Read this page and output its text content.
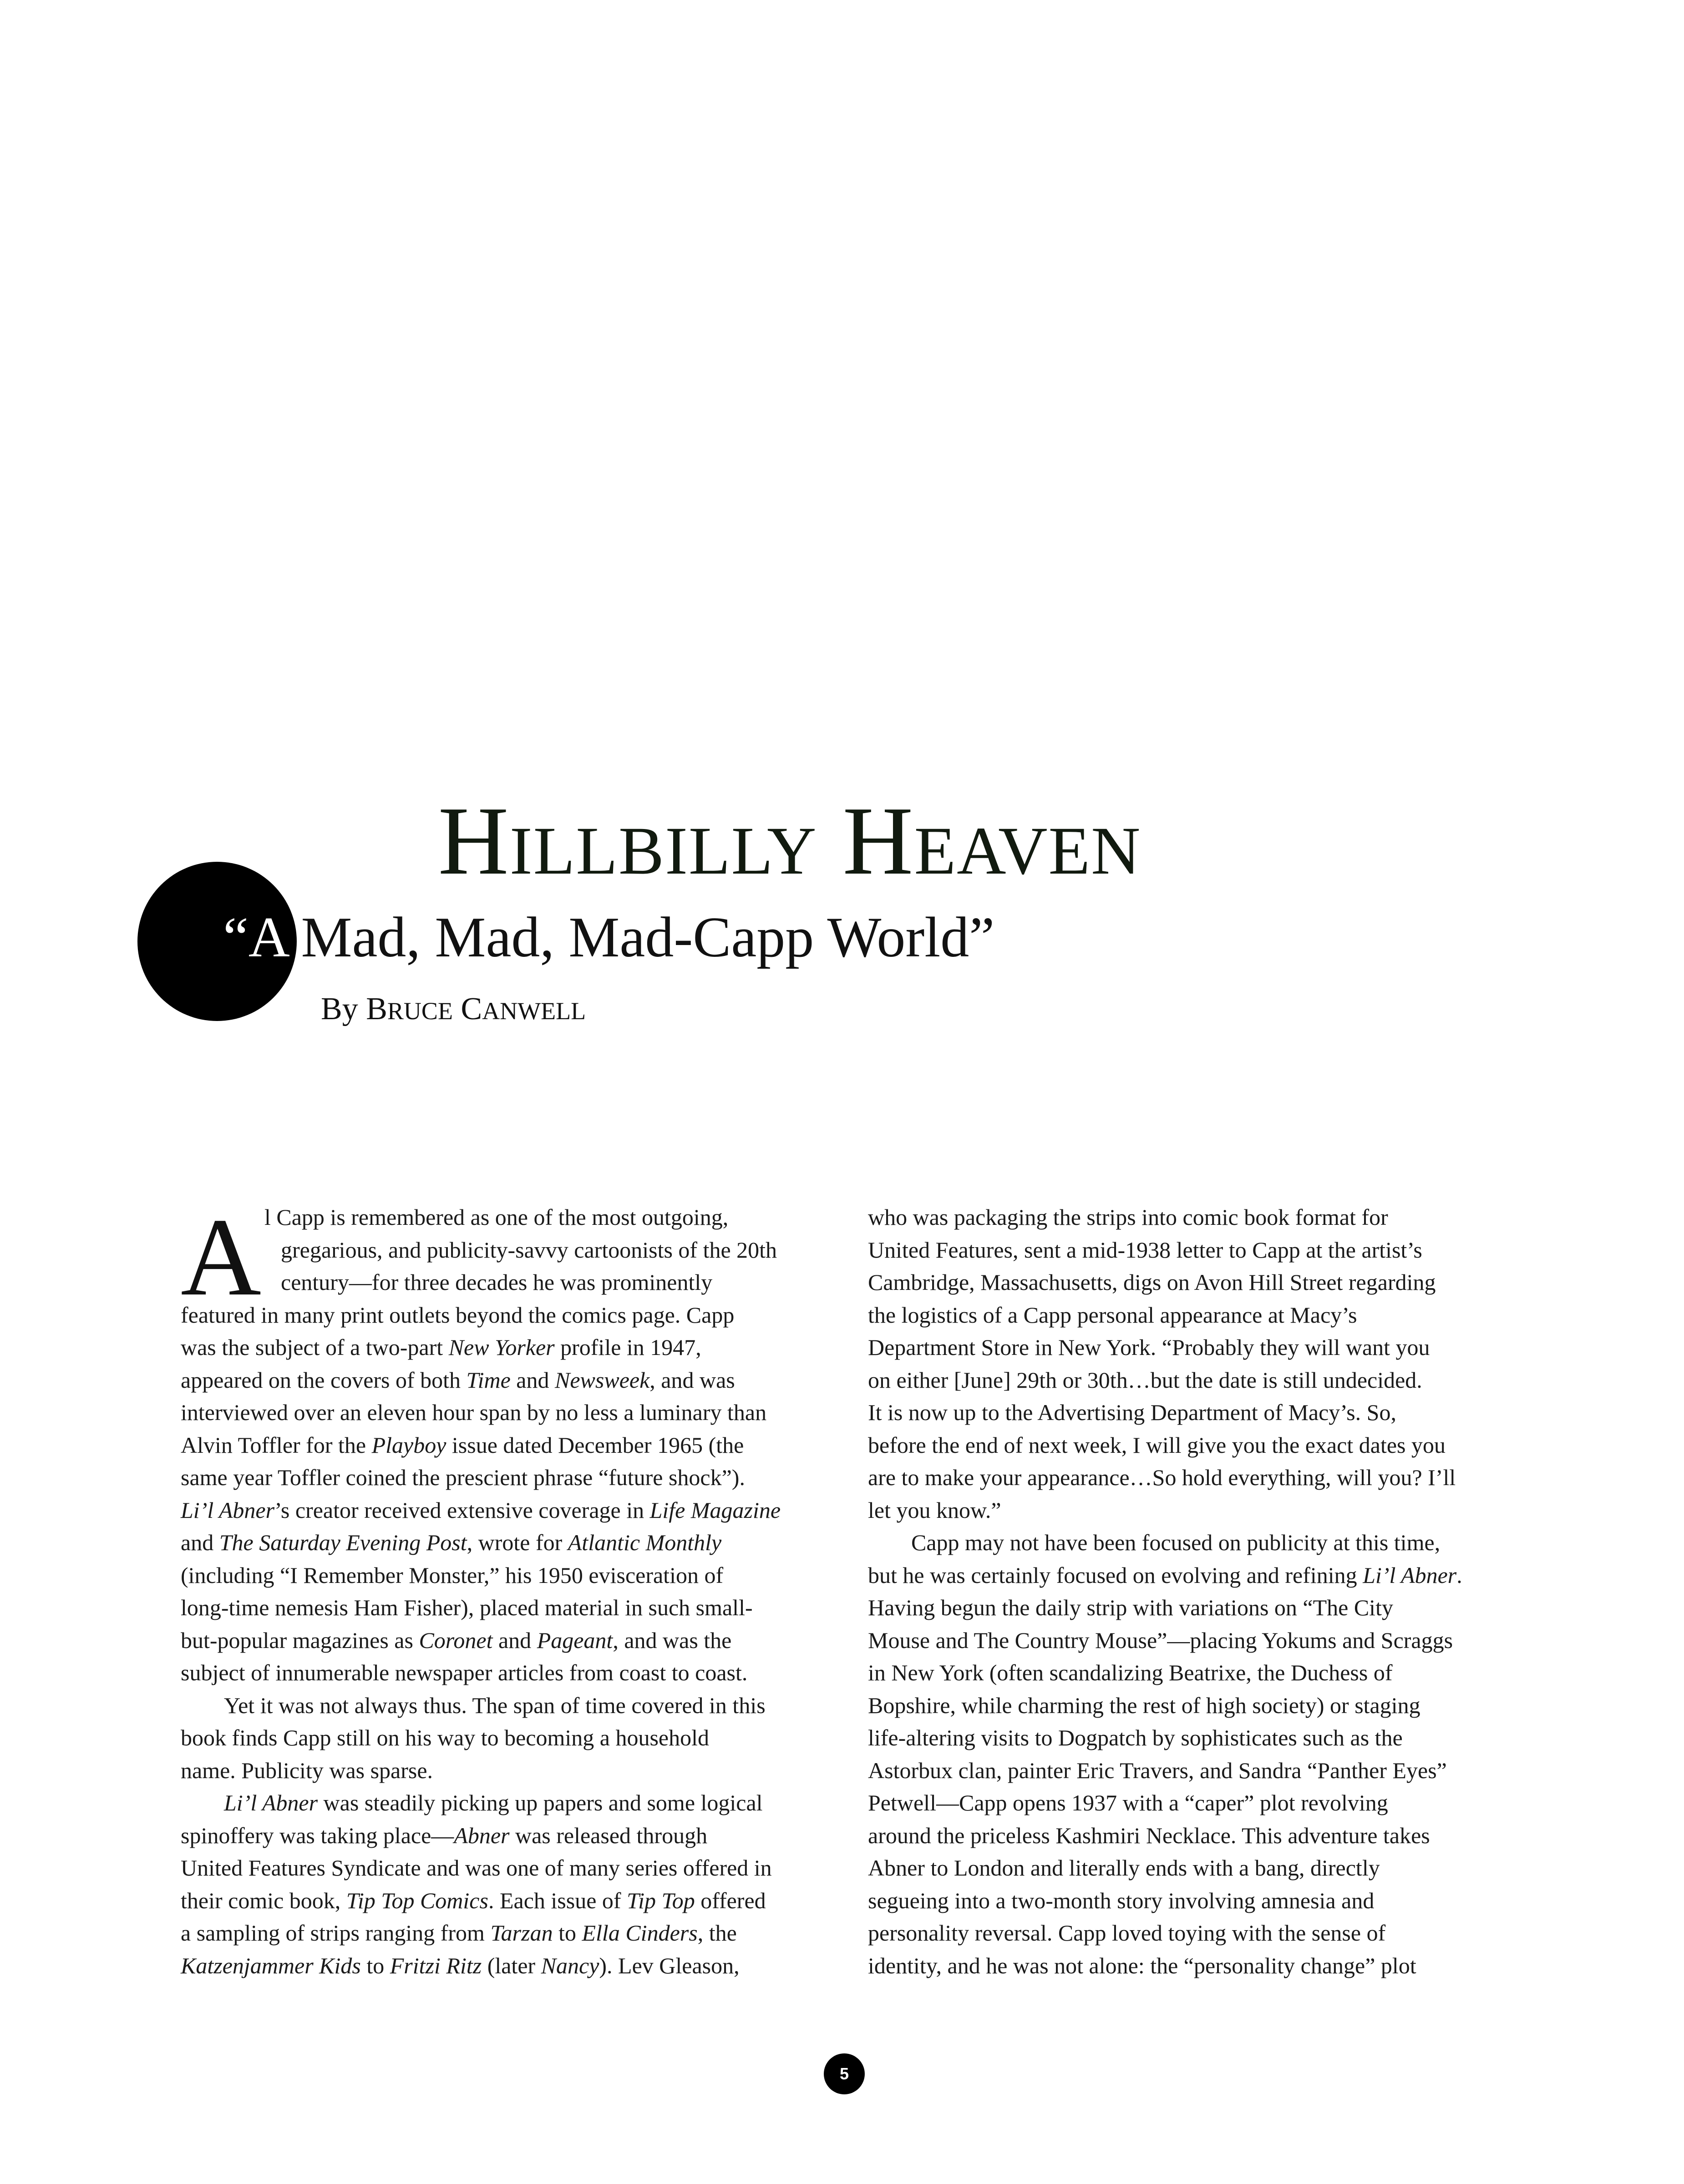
HILLBILLY HEAVEN
“A Mad, Mad, Mad-Capp World”
By BRUCE CANWELL
A l Capp is remembered as one of the most outgoing,
gregarious, and publicity-savvy cartoonists of the 20th
century—for three decades he was prominently
featured in many print outlets beyond the comics page. Capp
was the subject of a two-part New Yorker profile in 1947,
appeared on the covers of both Time and Newsweek, and was
interviewed over an eleven hour span by no less a luminary than
Alvin Toffler for the Playboy issue dated December 1965 (the
same year Toffler coined the prescient phrase “future shock”).
Li’l Abner’s creator received extensive coverage in Life Magazine
and The Saturday Evening Post, wrote for Atlantic Monthly
(including “I Remember Monster,” his 1950 evisceration of
long-time nemesis Ham Fisher), placed material in such small-
but-popular magazines as Coronet and Pageant, and was the
subject of innumerable newspaper articles from coast to coast.
Yet it was not always thus. The span of time covered in this
book finds Capp still on his way to becoming a household
name. Publicity was sparse.
Li’l Abner was steadily picking up papers and some logical
spinoffery was taking place—Abner was released through
United Features Syndicate and was one of many series offered in
their comic book, Tip Top Comics. Each issue of Tip Top offered
a sampling of strips ranging from Tarzan to Ella Cinders, the
Katzenjammer Kids to Fritzi Ritz (later Nancy). Lev Gleason,
who was packaging the strips into comic book format for
United Features, sent a mid-1938 letter to Capp at the artist’s
Cambridge, Massachusetts, digs on Avon Hill Street regarding
the logistics of a Capp personal appearance at Macy’s
Department Store in New York. “Probably they will want you
on either [June] 29th or 30th…but the date is still undecided.
It is now up to the Advertising Department of Macy’s. So,
before the end of next week, I will give you the exact dates you
are to make your appearance…So hold everything, will you? I’ll
let you know.”
Capp may not have been focused on publicity at this time,
but he was certainly focused on evolving and refining Li’l Abner.
Having begun the daily strip with variations on “The City
Mouse and The Country Mouse”—placing Yokums and Scraggs
in New York (often scandalizing Beatrixe, the Duchess of
Bopshire, while charming the rest of high society) or staging
life-altering visits to Dogpatch by sophisticates such as the
Astorbux clan, painter Eric Travers, and Sandra “Panther Eyes”
Petwell—Capp opens 1937 with a “caper” plot revolving
around the priceless Kashmiri Necklace. This adventure takes
Abner to London and literally ends with a bang, directly
segueing into a two-month story involving amnesia and
personality reversal. Capp loved toying with the sense of
identity, and he was not alone: the “personality change” plot
5
